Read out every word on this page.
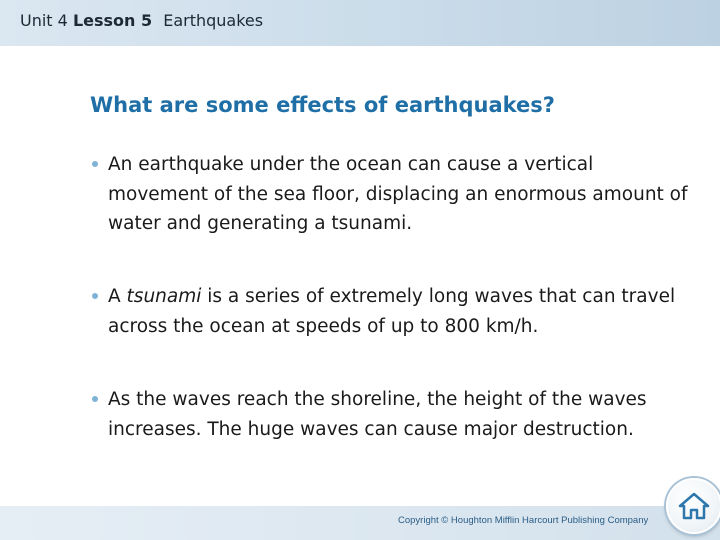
Unit 4 Lesson 5 Earthquakes
What are some effects of earthquakes?
An earthquake under the ocean can cause a vertical movement of the sea floor, displacing an enormous amount of water and generating a tsunami.
A tsunami is a series of extremely long waves that can travel across the ocean at speeds of up to 800 km/h.
As the waves reach the shoreline, the height of the waves increases. The huge waves can cause major destruction.
Copyright © Houghton Mifflin Harcourt Publishing Company
